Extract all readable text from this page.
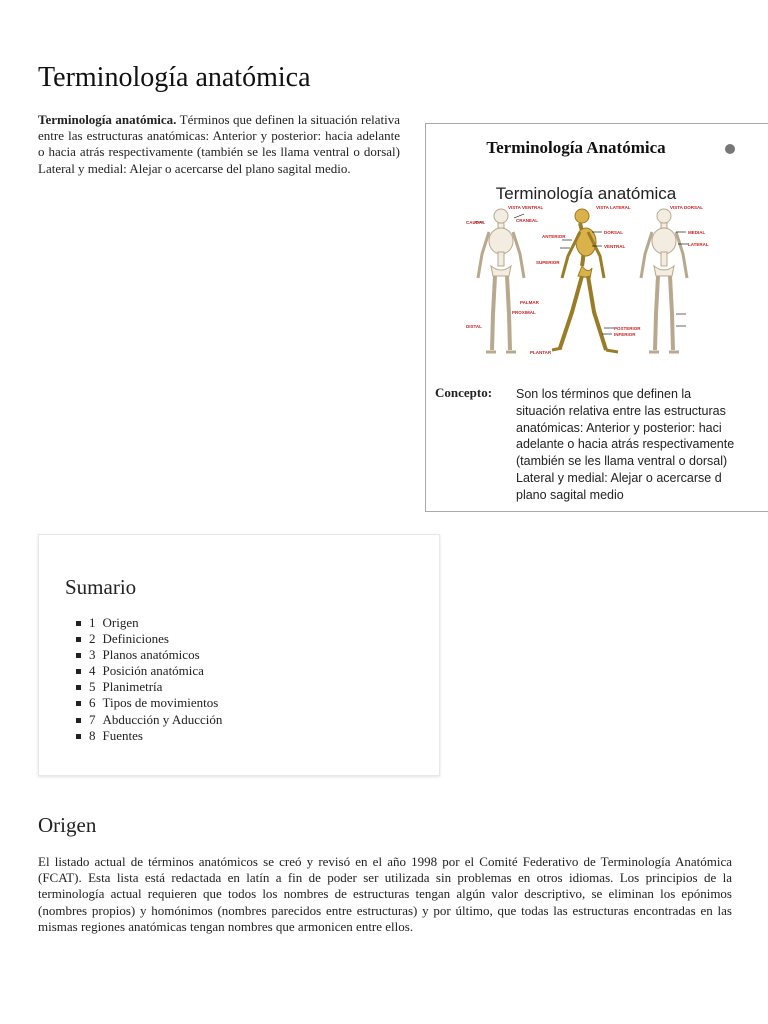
Terminología anatómica

Terminología anatómica. Términos que definen la situación relativa entre las estructuras anatómicas: Anterior y posterior: hacia adelante o hacia atrás respectivamente (también se les llama ventral o dorsal) Lateral y medial: Alejar o acercarse del plano sagital medio.

Terminología Anatómica
Terminología anatómica
VISTA VENTRAL	VISTA LATERAL	VISTA DORSAL
CRANEAL
CAUDAL
ANTERIOR
DORSAL
VENTRAL
MEDIAL
LATERAL
DISTAL
PROXIMAL
PALMAR
SUPERIOR
POSTERIOR
INFERIOR
PLANTAR
Concepto: Son los términos que definen la
situación relativa entre las estructuras
anatómicas: Anterior y posterior: haci
adelante o hacia atrás respectivamente
(también se les llama ventral o dorsal)
Lateral y medial: Alejar o acercarse d
plano sagital medio
Sumario
1 Origen
2 Definiciones
3 Planos anatómicos
4 Posición anatómica
5 Planimetría
6 Tipos de movimientos
7 Abducción y Aducción
8 Fuentes
Origen

El listado actual de términos anatómicos se creó y revisó en el año 1998 por el Comité Federativo de Terminología Anatómica (FCAT). Esta lista está redactada en latín a fin de poder ser utilizada sin problemas en otros idiomas. Los principios de la terminología actual requieren que todos los nombres de estructuras tengan algún valor descriptivo, se eliminan los epónimos (nombres propios) y homónimos (nombres parecidos entre estructuras) y por último, que todas las estructuras encontradas en las mismas regiones anatómicas tengan nombres que armonicen entre ellos.
